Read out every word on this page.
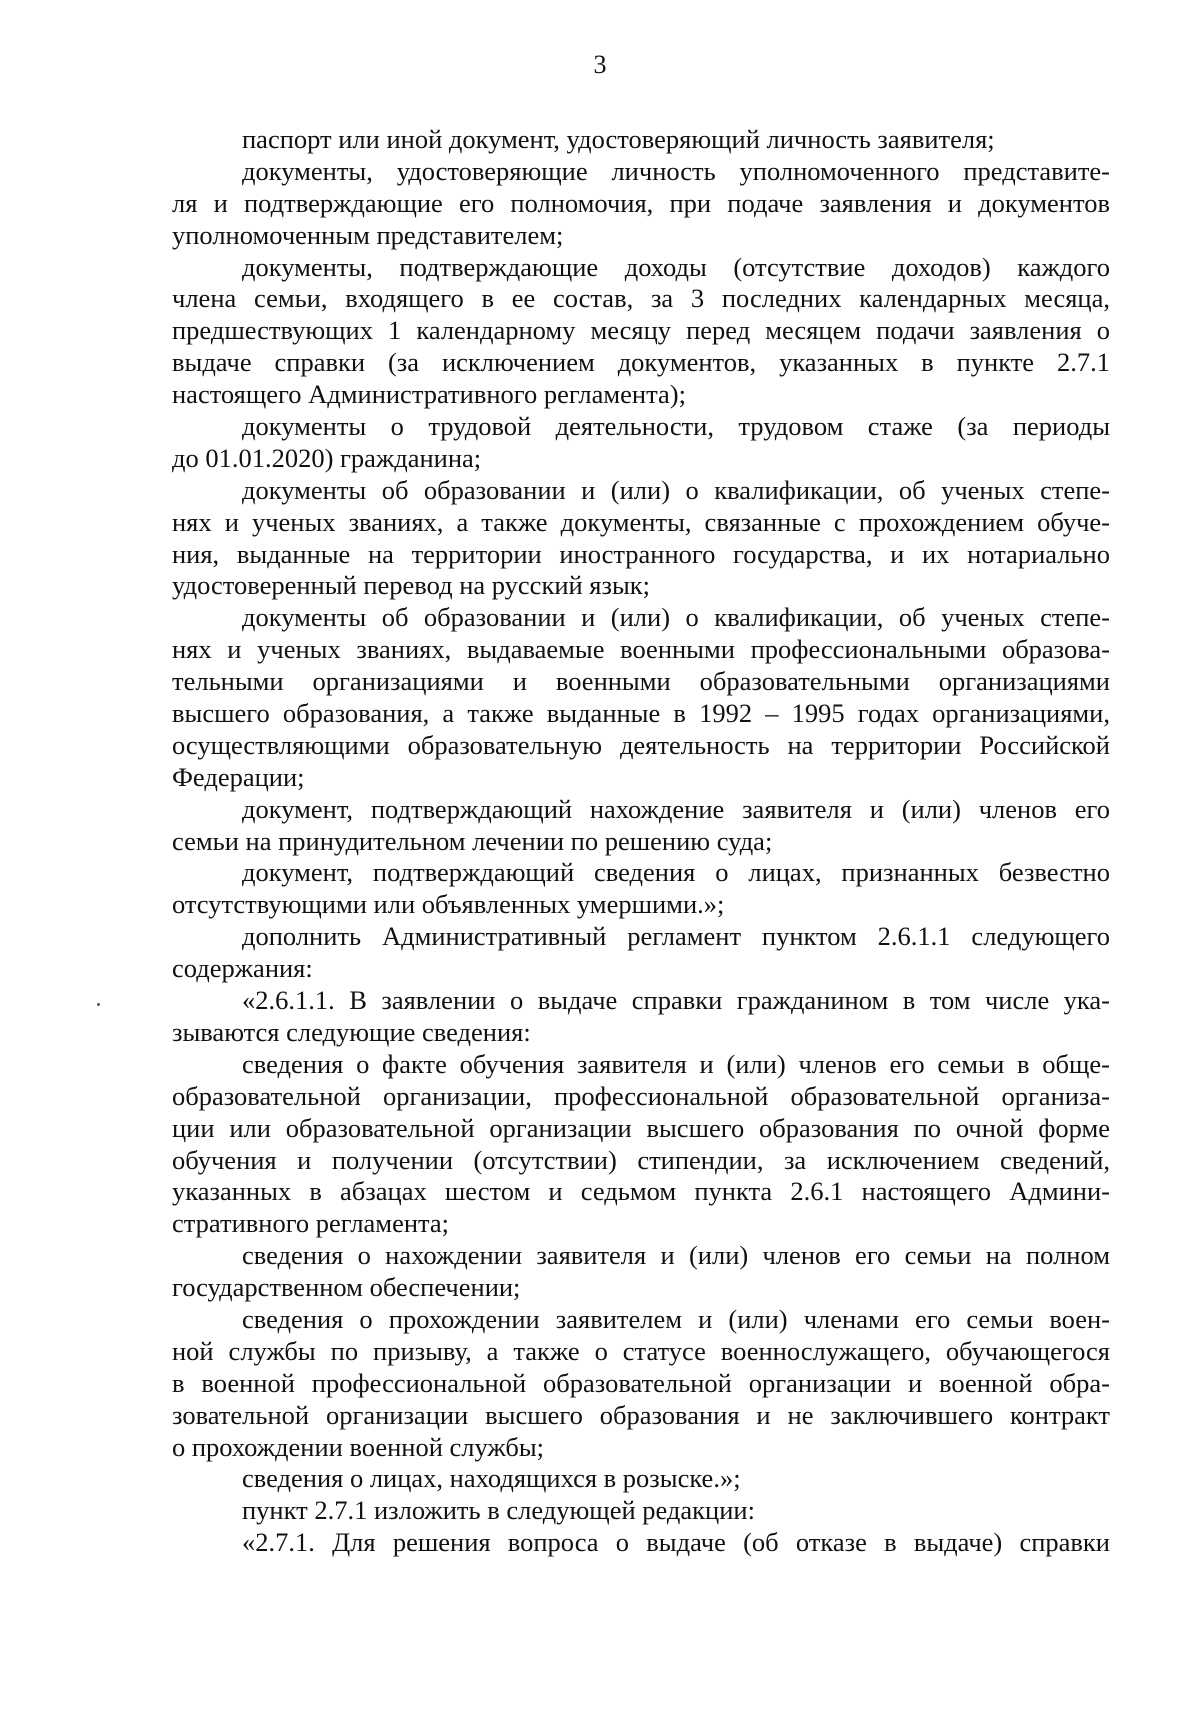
3
паспорт или иной документ, удостоверяющий личность заявителя;
документы, удостоверяющие личность уполномоченного представите-
ля и подтверждающие его полномочия, при подаче заявления и документов
уполномоченным представителем;
документы, подтверждающие доходы (отсутствие доходов) каждого
члена семьи, входящего в ее состав, за 3 последних календарных месяца,
предшествующих 1 календарному месяцу перед месяцем подачи заявления о
выдаче справки (за исключением документов, указанных в пункте 2.7.1
настоящего Административного регламента);
документы о трудовой деятельности, трудовом стаже (за периоды
до 01.01.2020) гражданина;
документы об образовании и (или) о квалификации, об ученых степе-
нях и ученых званиях, а также документы, связанные с прохождением обуче-
ния, выданные на территории иностранного государства, и их нотариально
удостоверенный перевод на русский язык;
документы об образовании и (или) о квалификации, об ученых степе-
нях и ученых званиях, выдаваемые военными профессиональными образова-
тельными организациями и военными образовательными организациями
высшего образования, а также выданные в 1992 – 1995 годах организациями,
осуществляющими образовательную деятельность на территории Российской
Федерации;
документ, подтверждающий нахождение заявителя и (или) членов его
семьи на принудительном лечении по решению суда;
документ, подтверждающий сведения о лицах, признанных безвестно
отсутствующими или объявленных умершими.»;
дополнить Административный регламент пунктом 2.6.1.1 следующего
содержания:
«2.6.1.1. В заявлении о выдаче справки гражданином в том числе ука-
зываются следующие сведения:
сведения о факте обучения заявителя и (или) членов его семьи в обще-
образовательной организации, профессиональной образовательной организа-
ции или образовательной организации высшего образования по очной форме
обучения и получении (отсутствии) стипендии, за исключением сведений,
указанных в абзацах шестом и седьмом пункта 2.6.1 настоящего Админи-
стративного регламента;
сведения о нахождении заявителя и (или) членов его семьи на полном
государственном обеспечении;
сведения о прохождении заявителем и (или) членами его семьи воен-
ной службы по призыву, а также о статусе военнослужащего, обучающегося
в военной профессиональной образовательной организации и военной обра-
зовательной организации высшего образования и не заключившего контракт
о прохождении военной службы;
сведения о лицах, находящихся в розыске.»;
пункт 2.7.1 изложить в следующей редакции:
«2.7.1. Для решения вопроса о выдаче (об отказе в выдаче) справки
